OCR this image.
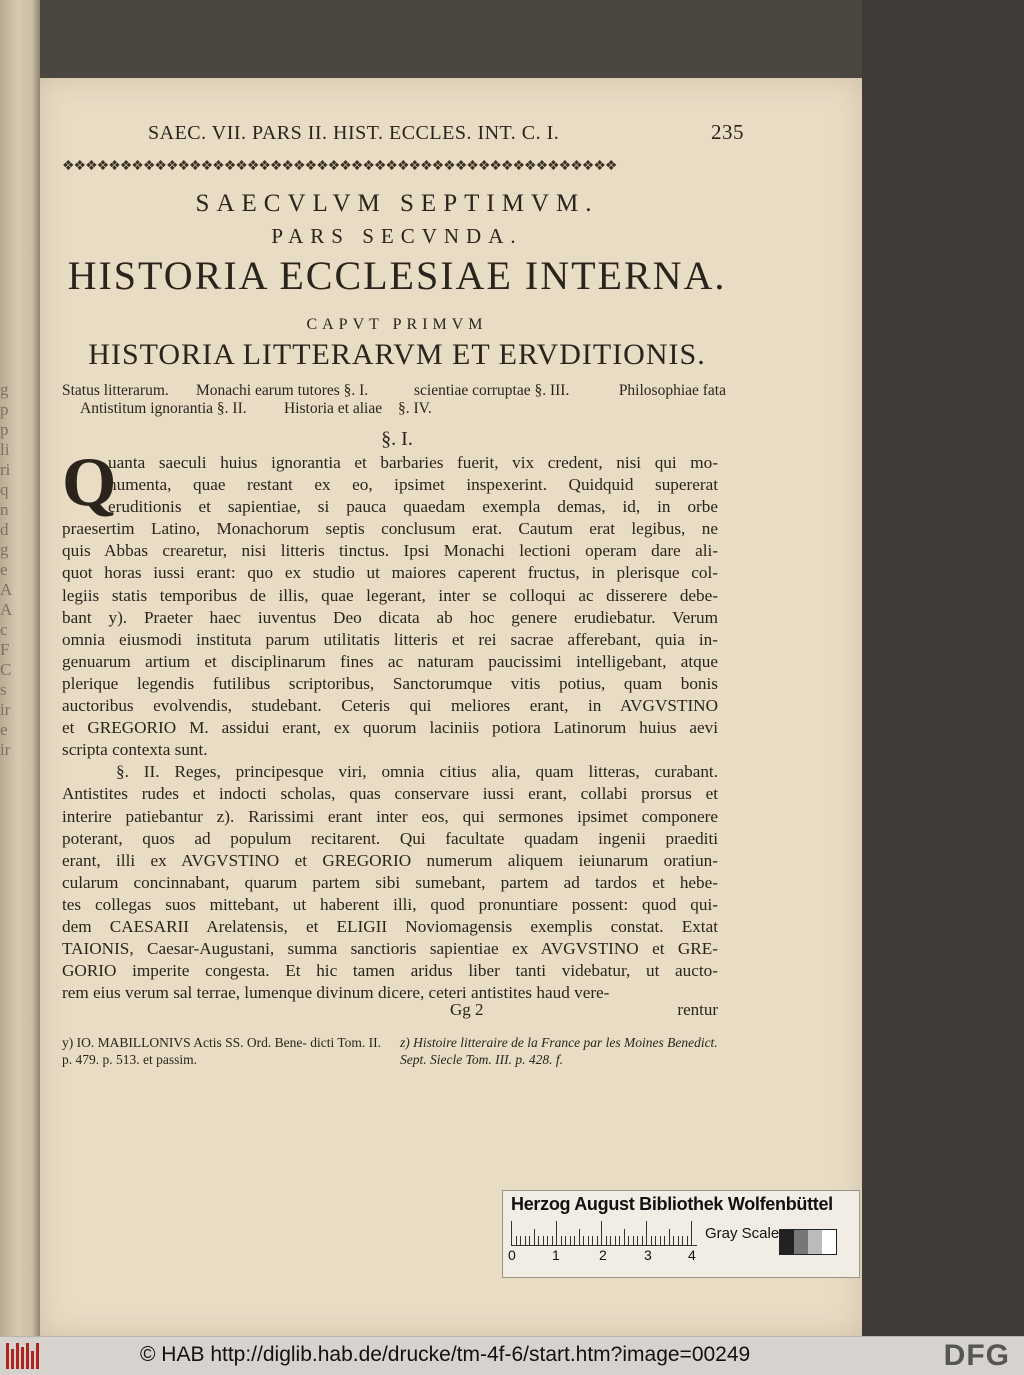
g
p
p
li
ri
q
n
d
g
e
A
A
c
F
C
s
ir
e
ir
SAEC. VII. PARS II. HIST. ECCLES. INT. C. I.	235
❖❖❖❖❖❖❖❖❖❖❖❖❖❖❖❖❖❖❖❖❖❖❖❖❖❖❖❖❖❖❖❖❖❖❖❖❖❖❖❖❖❖❖❖❖❖❖❖
SAECVLVM SEPTIMVM.
PARS SECVNDA.
HISTORIA ECCLESIAE INTERNA.
CAPVT PRIMVM
HISTORIA LITTERARVM ET ERVDITIONIS.
Status litterarum. Monachi earum tutores §. I.	scientiae corruptae §. III.	Philosophiae fata
Antistitum ignorantia §. II. Historia et aliae §. IV.
§. I.
Q
uanta saeculi huius ignorantia et barbaries fuerit, vix credent, nisi qui mo-
numenta, quae restant ex eo, ipsimet inspexerint. Quidquid supererat
eruditionis et sapientiae, si pauca quaedam exempla demas, id, in orbe
praesertim Latino, Monachorum septis conclusum erat. Cautum erat legibus, ne
quis Abbas crearetur, nisi litteris tinctus. Ipsi Monachi lectioni operam dare ali-
quot horas iussi erant: quo ex studio ut maiores caperent fructus, in plerisque col-
legiis statis temporibus de illis, quae legerant, inter se colloqui ac disserere debe-
bant y). Praeter haec iuventus Deo dicata ab hoc genere erudiebatur. Verum
omnia eiusmodi instituta parum utilitatis litteris et rei sacrae afferebant, quia in-
genuarum artium et disciplinarum fines ac naturam paucissimi intelligebant, atque
plerique legendis futilibus scriptoribus, Sanctorumque vitis potius, quam bonis
auctoribus evolvendis, studebant. Ceteris qui meliores erant, in AVGVSTINO
et GREGORIO M. assidui erant, ex quorum laciniis potiora Latinorum huius aevi
scripta contexta sunt.
§. II. Reges, principesque viri, omnia citius alia, quam litteras, curabant.
Antistites rudes et indocti scholas, quas conservare iussi erant, collabi prorsus et
interire patiebantur z). Rarissimi erant inter eos, qui sermones ipsimet componere
poterant, quos ad populum recitarent. Qui facultate quadam ingenii praediti
erant, illi ex AVGVSTINO et GREGORIO numerum aliquem ieiunarum oratiun-
cularum concinnabant, quarum partem sibi sumebant, partem ad tardos et hebe-
tes collegas suos mittebant, ut haberent illi, quod pronuntiare possent: quod qui-
dem CAESARII Arelatensis, et ELIGII Noviomagensis exemplis constat. Extat
TAIONIS, Caesar-Augustani, summa sanctioris sapientiae ex AVGVSTINO et GRE-
GORIO imperite congesta. Et hic tamen aridus liber tanti videbatur, ut aucto-
rem eius verum sal terrae, lumenque divinum dicere, ceteri antistites haud vere-
Gg 2	rentur
y) IO. MABILLONIVS Actis SS. Ord. Bene- dicti Tom. II. p. 479. p. 513. et passim.
z) Histoire litteraire de la France par les Moines Benedict. Sept. Siecle Tom. III. p. 428. f.
Herzog August Bibliothek Wolfenbüttel
0	1	2	3	4
Gray Scale
© HAB http://diglib.hab.de/drucke/tm-4f-6/start.htm?image=00249	DFG
